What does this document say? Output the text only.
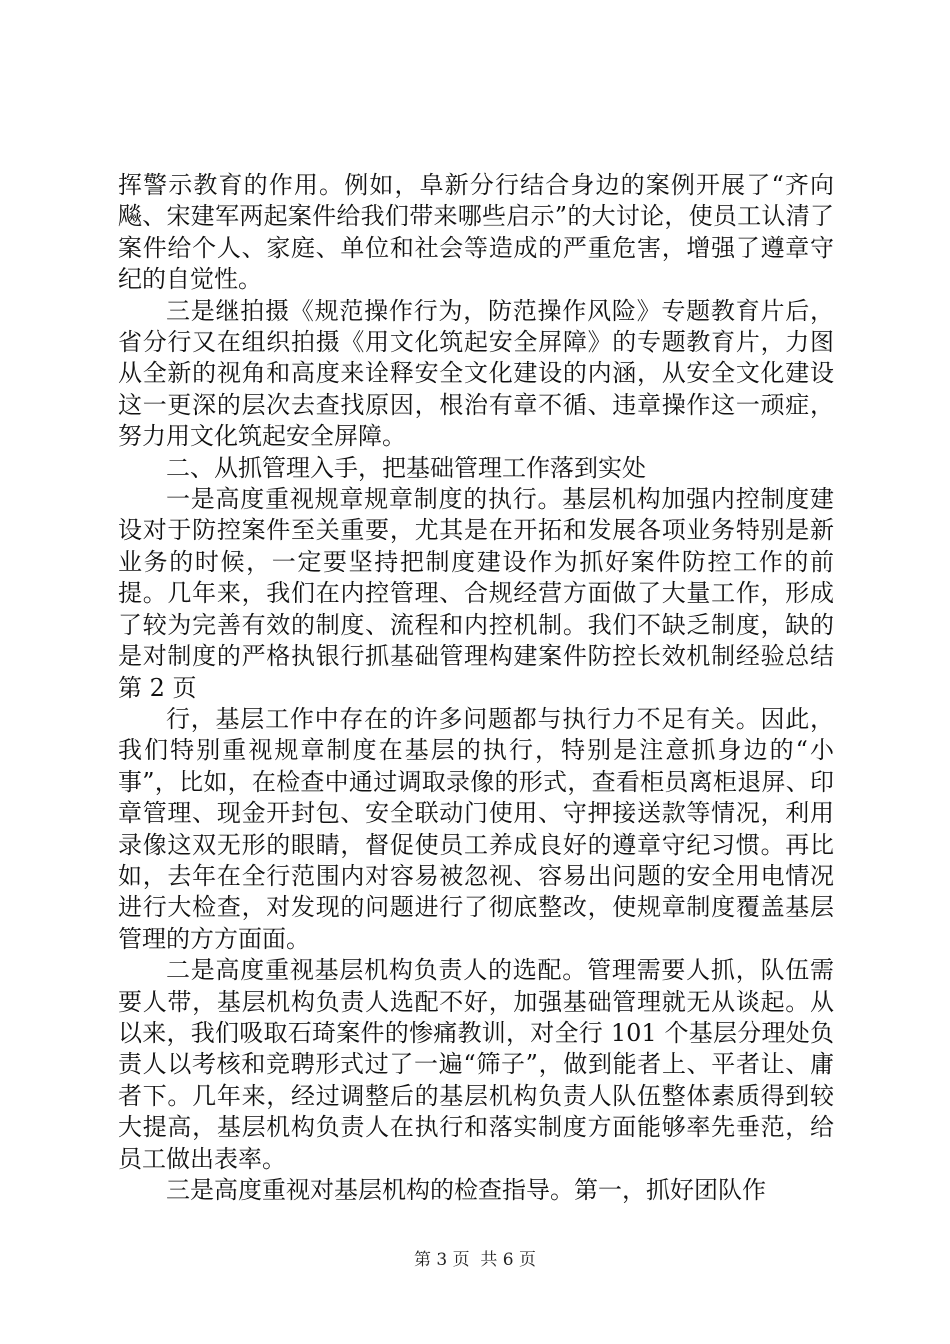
挥警示教育的作用。例如，阜新分行结合身边的案例开展了“齐向飚、宋建军两起案件给我们带来哪些启示”的大讨论，使员工认清了案件给个人、家庭、单位和社会等造成的严重危害，增强了遵章守纪的自觉性。

三是继拍摄《规范操作行为，防范操作风险》专题教育片后，省分行又在组织拍摄《用文化筑起安全屏障》的专题教育片，力图从全新的视角和高度来诠释安全文化建设的内涵，从安全文化建设这一更深的层次去查找原因，根治有章不循、违章操作这一顽症，努力用文化筑起安全屏障。

二、从抓管理入手，把基础管理工作落到实处

一是高度重视规章规章制度的执行。基层机构加强内控制度建设对于防控案件至关重要，尤其是在开拓和发展各项业务特别是新业务的时候，一定要坚持把制度建设作为抓好案件防控工作的前提。几年来，我们在内控管理、合规经营方面做了大量工作，形成了较为完善有效的制度、流程和内控机制。我们不缺乏制度，缺的是对制度的严格执银行抓基础管理构建案件防控长效机制经验总结第 2 页

行，基层工作中存在的许多问题都与执行力不足有关。因此，我们特别重视规章制度在基层的执行，特别是注意抓身边的“小事”，比如，在检查中通过调取录像的形式，查看柜员离柜退屏、印章管理、现金开封包、安全联动门使用、守押接送款等情况，利用录像这双无形的眼睛，督促使员工养成良好的遵章守纪习惯。再比如，去年在全行范围内对容易被忽视、容易出问题的安全用电情况进行大检查，对发现的问题进行了彻底整改，使规章制度覆盖基层管理的方方面面。

二是高度重视基层机构负责人的选配。管理需要人抓，队伍需要人带，基层机构负责人选配不好，加强基础管理就无从谈起。从以来，我们吸取石琦案件的惨痛教训，对全行 101 个基层分理处负责人以考核和竞聘形式过了一遍“筛子”，做到能者上、平者让、庸者下。几年来，经过调整后的基层机构负责人队伍整体素质得到较大提高，基层机构负责人在执行和落实制度方面能够率先垂范，给员工做出表率。

三是高度重视对基层机构的检查指导。第一，抓好团队作

第 3 页 共 6 页
